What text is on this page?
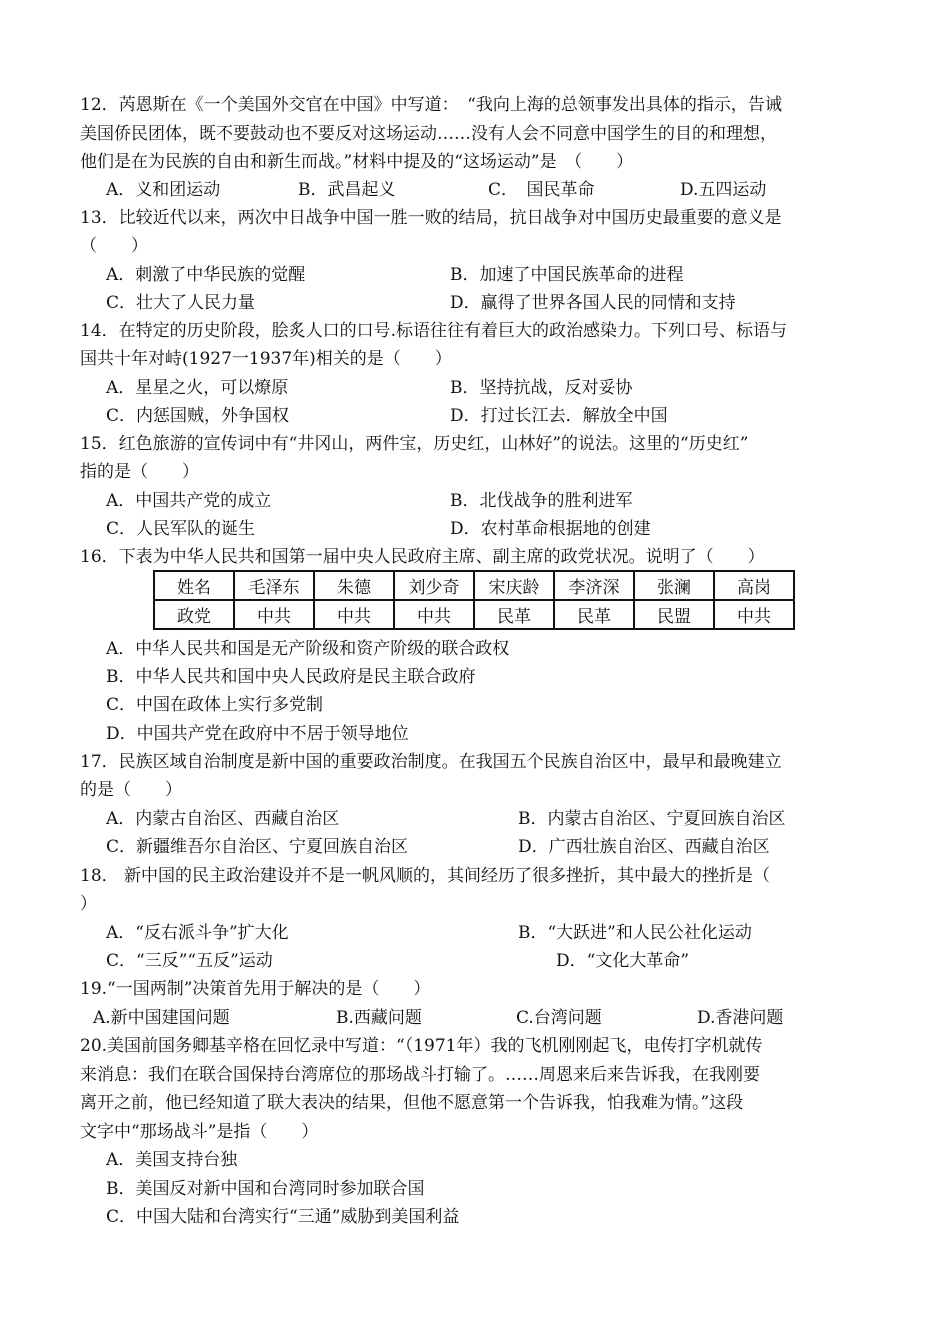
12．芮恩斯在《一个美国外交官在中国》中写道：　“我向上海的总领事发出具体的指示，告诫
美国侨民团体，既不要鼓动也不要反对这场运动……没有人会不同意中国学生的目的和理想，
他们是在为民族的自由和新生而战。”材料中提及的“这场运动”是　（　　）
A．义和团运动	B．武昌起义	C．　国民革命	D.五四运动
13．比较近代以来，两次中日战争中国一胜一败的结局，抗日战争对中国历史最重要的意义是
（　　）
A．刺激了中华民族的觉醒	B．加速了中国民族革命的进程
C．壮大了人民力量	D．赢得了世界各国人民的同情和支持
14．在特定的历史阶段，脍炙人口的口号.标语往往有着巨大的政治感染力。下列口号、标语与
国共十年对峙(1927一1937年)相关的是（　　）
A．星星之火，可以燎原	B．坚持抗战，反对妥协
C．内惩国贼，外争国权	D．打过长江去．解放全中国
15．红色旅游的宣传词中有“井冈山，两件宝，历史红，山林好”的说法。这里的“历史红”
指的是（　　）
A．中国共产党的成立	B．北伐战争的胜利进军
C．人民军队的诞生	D．农村革命根据地的创建
16．下表为中华人民共和国第一届中央人民政府主席、副主席的政党状况。说明了（　　）
姓名	毛泽东	朱德	刘少奇	宋庆龄	李济深	张澜	高岗
政党	中共	中共	中共	民革	民革	民盟	中共
A．中华人民共和国是无产阶级和资产阶级的联合政权
B．中华人民共和国中央人民政府是民主联合政府
C．中国在政体上实行多党制
D．中国共产党在政府中不居于领导地位
17．民族区域自治制度是新中国的重要政治制度。在我国五个民族自治区中，最早和最晚建立
的是（　　）
A．内蒙古自治区、西藏自治区	B．内蒙古自治区、宁夏回族自治区
C．新疆维吾尔自治区、宁夏回族自治区	D．广西壮族自治区、西藏自治区
18． 新中国的民主政治建设并不是一帆风顺的，其间经历了很多挫折，其中最大的挫折是（
）
A．“反右派斗争”扩大化	B．“大跃进”和人民公社化运动
C．“三反”“五反”运动	D．“文化大革命”
19.“一国两制”决策首先用于解决的是（　　）
A.新中国建国问题	B.西藏问题	C.台湾问题	D.香港问题
20.美国前国务卿基辛格在回忆录中写道：“（1971年）我的飞机刚刚起飞，电传打字机就传
来消息：我们在联合国保持台湾席位的那场战斗打输了。……周恩来后来告诉我，在我刚要
离开之前，他已经知道了联大表决的结果，但他不愿意第一个告诉我，怕我难为情。”这段
文字中“那场战斗”是指（　　）
A．美国支持台独
B．美国反对新中国和台湾同时参加联合国
C．中国大陆和台湾实行“三通”威胁到美国利益
